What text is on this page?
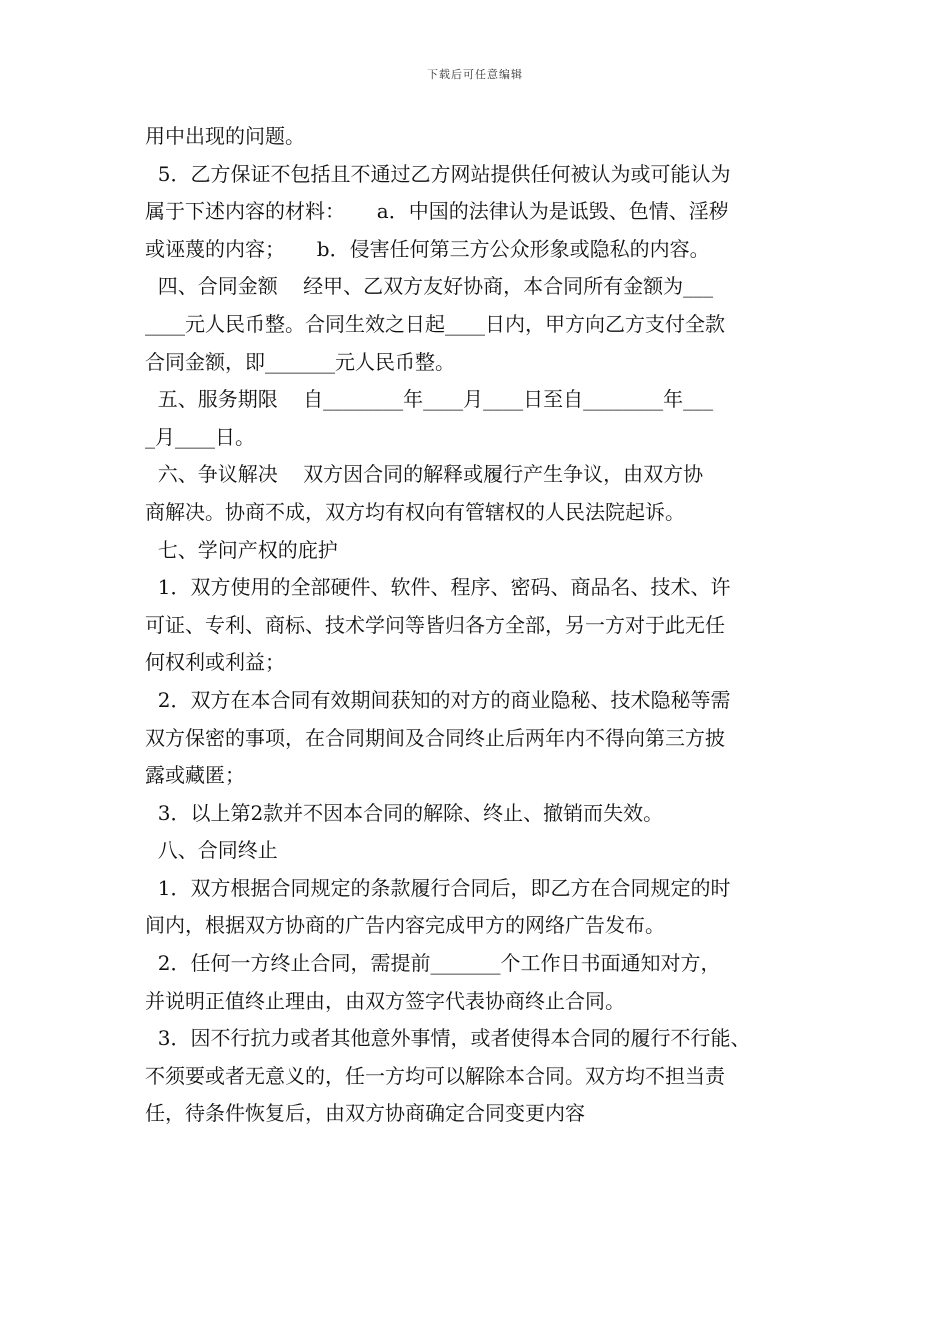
下载后可任意编辑
用中出现的问题。
5．乙方保证不包括且不通过乙方网站提供任何被认为或可能认为
属于下述内容的材料：     a．中国的法律认为是诋毁、色情、淫秽
或诬蔑的内容；     b．侵害任何第三方公众形象或隐私的内容。
四、合同金额    经甲、乙双方友好协商，本合同所有金额为___
____元人民币整。合同生效之日起____日内，甲方向乙方支付全款
合同金额，即_______元人民币整。
五、服务期限    自________年____月____日至自________年___
_月____日。
六、争议解决    双方因合同的解释或履行产生争议，由双方协
商解决。协商不成，双方均有权向有管辖权的人民法院起诉。
七、学问产权的庇护
1．双方使用的全部硬件、软件、程序、密码、商品名、技术、许
可证、专利、商标、技术学问等皆归各方全部，另一方对于此无任
何权利或利益；
2．双方在本合同有效期间获知的对方的商业隐秘、技术隐秘等需
双方保密的事项，在合同期间及合同终止后两年内不得向第三方披
露或藏匿；
3．以上第2款并不因本合同的解除、终止、撤销而失效。
八、合同终止
1．双方根据合同规定的条款履行合同后，即乙方在合同规定的时
间内，根据双方协商的广告内容完成甲方的网络广告发布。
2．任何一方终止合同，需提前_______个工作日书面通知对方，
并说明正值终止理由，由双方签字代表协商终止合同。
3．因不行抗力或者其他意外事情，或者使得本合同的履行不行能、
不须要或者无意义的，任一方均可以解除本合同。双方均不担当责
任，待条件恢复后，由双方协商确定合同变更内容
